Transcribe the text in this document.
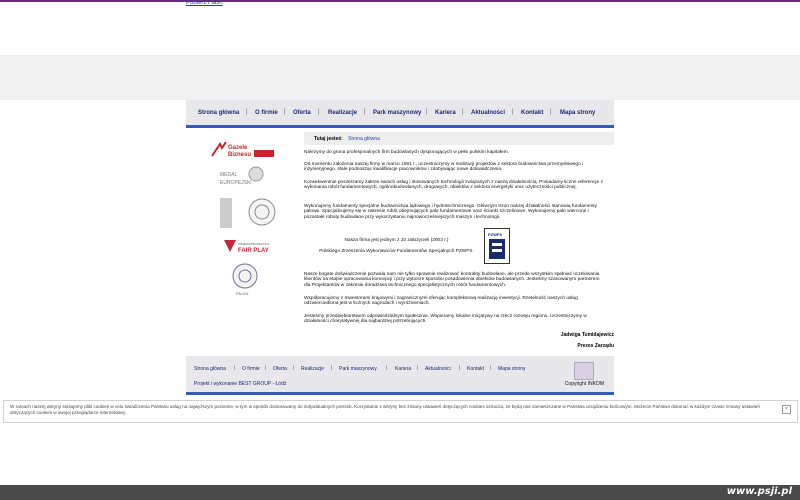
Pobierz Flash
Strona główna | O firmie | Oferta | Realizacje | Park maszynowy | Kariera | Aktualności | Kontakt | Mapa strony
Tutaj jesteś: Strona główna
Gazele
Biznesu
MEDAL
EUROPEJSKI
PRZEDSIĘBIORSTWO
FAIR PLAY
PN-EN
Należymy do grona profesjonalnych firm budowlanych dysponujących w pełni polskim kapitałem.
Od momentu założenia naszej firmy w marcu 1991 r., uczestniczymy w realizacji projektów z sektora budownictwa przemysłowego i inżynieryjnego, stale podnosząc kwalifikacje pracowników i zdobywając nowe doświadczenia.
Konsekwentnie poszerzamy zakres swoich usług i stosowanych technologii związanych z naszą działalnością. Posiadamy liczne referencje z wykonania robót fundamentowych, ogólnobudowlanych, drogowych, obiektów z sektora energetyki oraz użyteczności publicznej.
Wykonujemy fundamenty specjalne budownictwa lądowego i hydrotechnicznego. Głównym trzon naszej działalności stanowią fundamenty palowe. Specjalizujemy się w zakresie robót obejmujących pale fundamentowe oraz ścianki szczelinowe. Wykonujemy pale wiercone i pozostałe roboty budowlane przy wykorzystaniu najnowocześniejszych maszyn i technologii.
Nasza firma jest jednym z 10 założycieli (2003 r.)
Polskiego Zrzeszenia Wykonawców Fundamentów Specjalnych PZWFS.
PZWFS
Nasze bogate doświadczenie pozwala nam nie tylko sprawnie realizować kontrakty budowlane, ale przede wszystkim spełniać oczekiwania klientów na etapie opracowania koncepcji i przy wyborze sposobu posadowienia obiektów budowlanych. Jesteśmy szanowanym partnerem dla Projektantów w zakresie doradztwa technicznego specjalistycznych robót fundamentowych.
Współpracujemy z Inwestorami krajowymi i zagranicznymi oferując kompleksową realizację inwestycji. Rzetelność naszych usług odzwierciedlona jest w licznych nagrodach i wyróżnieniach.
Jesteśmy przedsiębiorstwem odpowiedzialnym społecznie. Wspieramy lokalne inicjatywy na rzecz rozwoju regionu. Uczestniczymy w działalności charytatywnej dla najbardziej potrzebujących.
Jadwiga Tumidajewicz
Prezes Zarządu
Strona główna | O firmie | Oferta | Realizacje | Park maszynowy | Kariera | Aktualności | Kontakt | Mapa strony
Projekt i wykonanie BEST GROUP - Łódź	Copyright INKOM
W ramach naszej witryny stosujemy pliki cookies w celu świadczenia Państwu usług na najwyższym poziomie, w tym w sposób dostosowany do indywidualnych potrzeb. Korzystanie z witryny bez zmiany ustawień dotyczących cookies oznacza, że będą one zamieszczane w Państwa urządzeniu końcowym. Możecie Państwo dokonać w każdym czasie zmiany ustawień dotyczących cookies w swojej przeglądarce internetowej.
×
www.psji.pl
